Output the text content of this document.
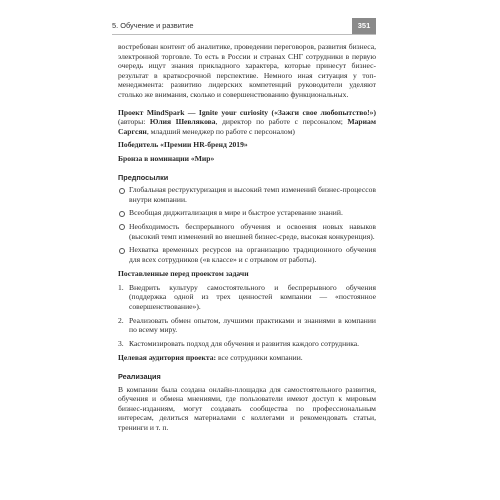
5. Обучение и развитие	351

востребован контент об аналитике, проведении переговоров, развития бизнеса, электронной торговле. То есть в России и странах СНГ сотрудники в первую очередь ищут знания прикладного характера, которые принесут бизнес-результат в краткосрочной перспективе. Немного иная ситуация у топ-менеджмента: развитию лидерских компетенций руководители уделяют столько же внимания, сколько и совершенствованию функциональных.

Проект MindSpark — Ignite your curiosity («Зажги свое любопытство!») (авторы: Юлия Шевлякова, директор по работе с персоналом; Мариам Саргсян, младший менеджер по работе с персоналом)

Победитель «Премии HR-бренд 2019»

Бронза в номинации «Мир»

Предпосылки
Глобальная реструктуризация и высокий темп изменений бизнес-процессов внутри компании.
Всеобщая диджитализация в мире и быстрое устаревание знаний.
Необходимость беспрерывного обучения и освоения новых навыков (высокий темп изменений во внешней бизнес-среде, высокая конкуренция).
Нехватка временных ресурсов на организацию традиционного обучения для всех сотрудников («в классе» и с отрывом от работы).

Поставленные перед проектом задачи

1. Внедрить культуру самостоятельного и беспрерывного обучения (поддержка одной из трех ценностей компании — «постоянное совершенствование»).
2. Реализовать обмен опытом, лучшими практиками и знаниями в компании по всему миру.
3. Кастомизировать подход для обучения и развития каждого сотрудника.

Целевая аудитория проекта: все сотрудники компании.

Реализация

В компании была создана онлайн-площадка для самостоятельного развития, обучения и обмена мнениями, где пользователи имеют доступ к мировым бизнес-изданиям, могут создавать сообщества по профессиональным интересам, делиться материалами с коллегами и рекомендовать статьи, тренинги и т. п.
